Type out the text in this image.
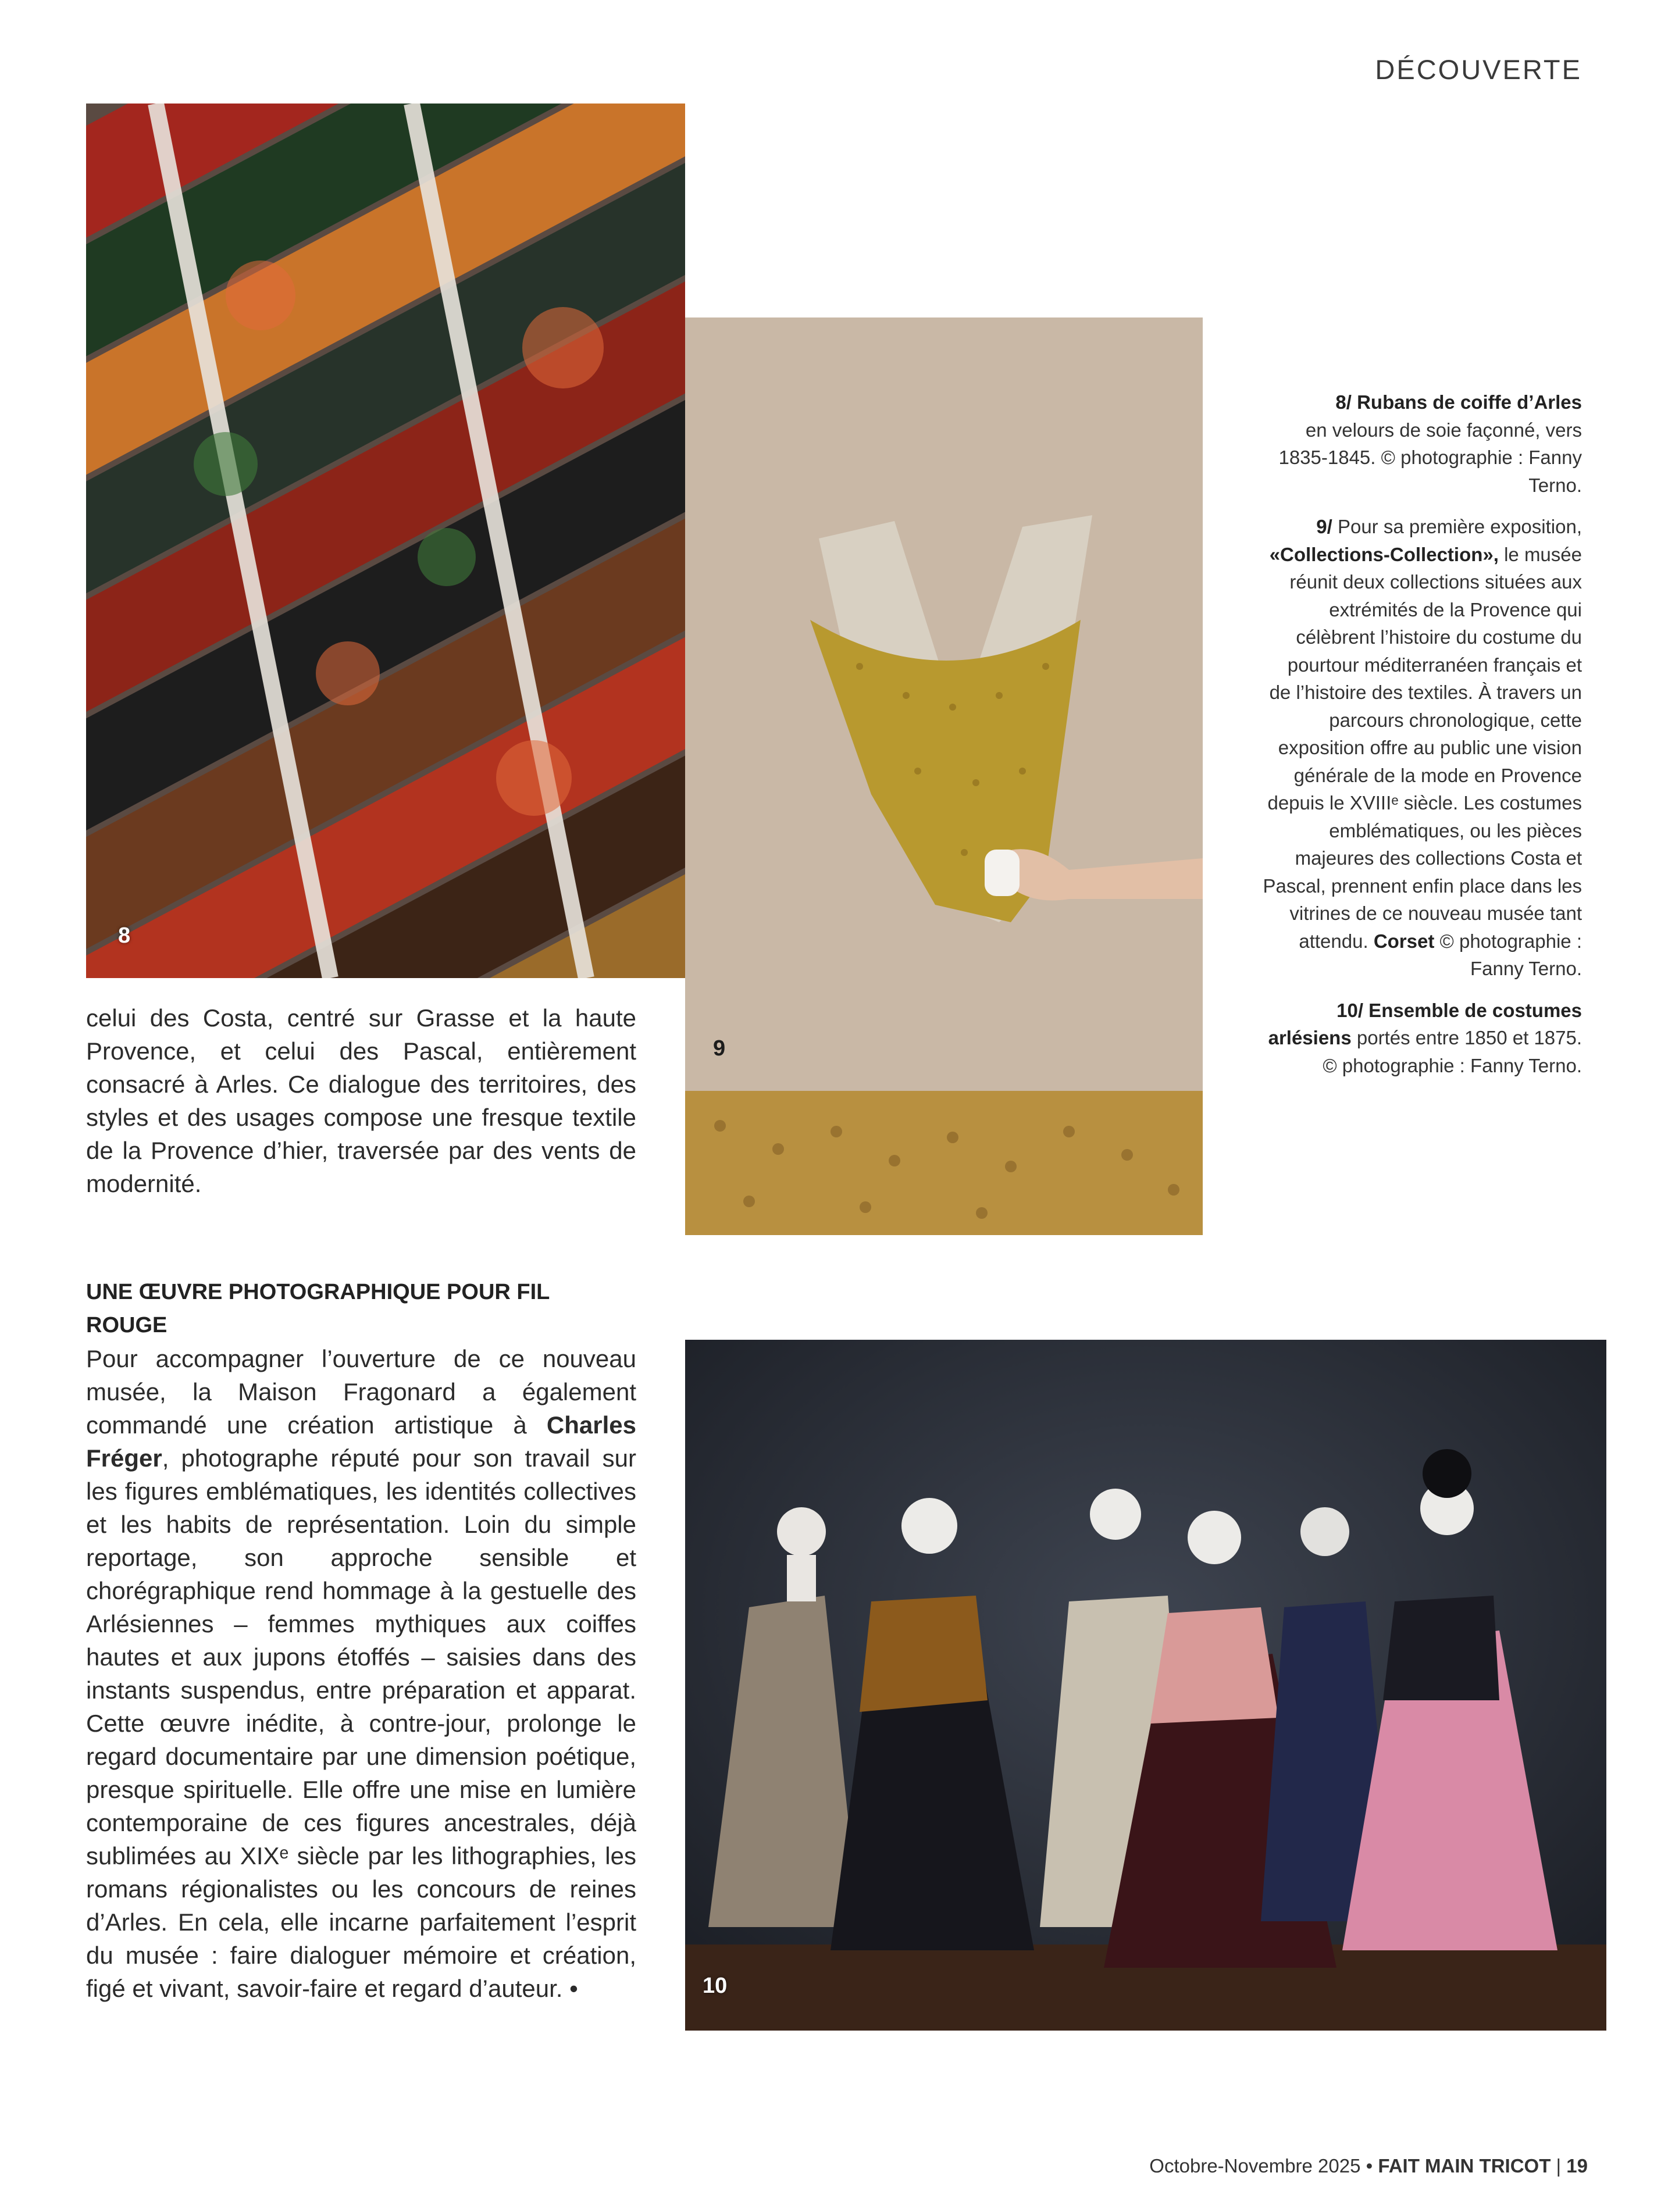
DÉCOUVERTE
8
9
10

8/ Rubans de coiffe d’Arles
en velours de soie façonné, vers 1835-1845. © photographie : Fanny Terno.

9/ Pour sa première exposition, «Collections-Collection», le musée réunit deux collections situées aux extrémités de la Provence qui célèbrent l’histoire du costume du pourtour méditerranéen français et de l’histoire des textiles. À travers un parcours chronologique, cette exposition offre au public une vision générale de la mode en Provence depuis le XVIIIᵉ siècle. Les costumes emblématiques, ou les pièces majeures des collections Costa et Pascal, prennent enfin place dans les vitrines de ce nouveau musée tant attendu. Corset © photographie : Fanny Terno.

10/ Ensemble de costumes arlésiens portés entre 1850 et 1875. © photographie : Fanny Terno.

celui des Costa, centré sur Grasse et la haute Provence, et celui des Pascal, entièrement consacré à Arles. Ce dialogue des territoires, des styles et des usages compose une fresque textile de la Provence d’hier, traversée par des vents de modernité.

UNE ŒUVRE PHOTOGRAPHIQUE POUR FIL ROUGE

Pour accompagner l’ouverture de ce nouveau musée, la Maison Fragonard a également commandé une création artistique à Charles Fréger, photographe réputé pour son travail sur les figures emblématiques, les identités collectives et les habits de représentation. Loin du simple reportage, son approche sensible et chorégraphique rend hommage à la gestuelle des Arlésiennes – femmes mythiques aux coiffes hautes et aux jupons étoffés – saisies dans des instants suspendus, entre préparation et apparat. Cette œuvre inédite, à contre-jour, prolonge le regard documentaire par une dimension poétique, presque spirituelle. Elle offre une mise en lumière contemporaine de ces figures ancestrales, déjà sublimées au XIXᵉ siècle par les lithographies, les romans régionalistes ou les concours de reines d’Arles. En cela, elle incarne parfaitement l’esprit du musée : faire dialoguer mémoire et création, figé et vivant, savoir-faire et regard d’auteur. •

Octobre-Novembre 2025 • FAIT MAIN TRICOT | 19
